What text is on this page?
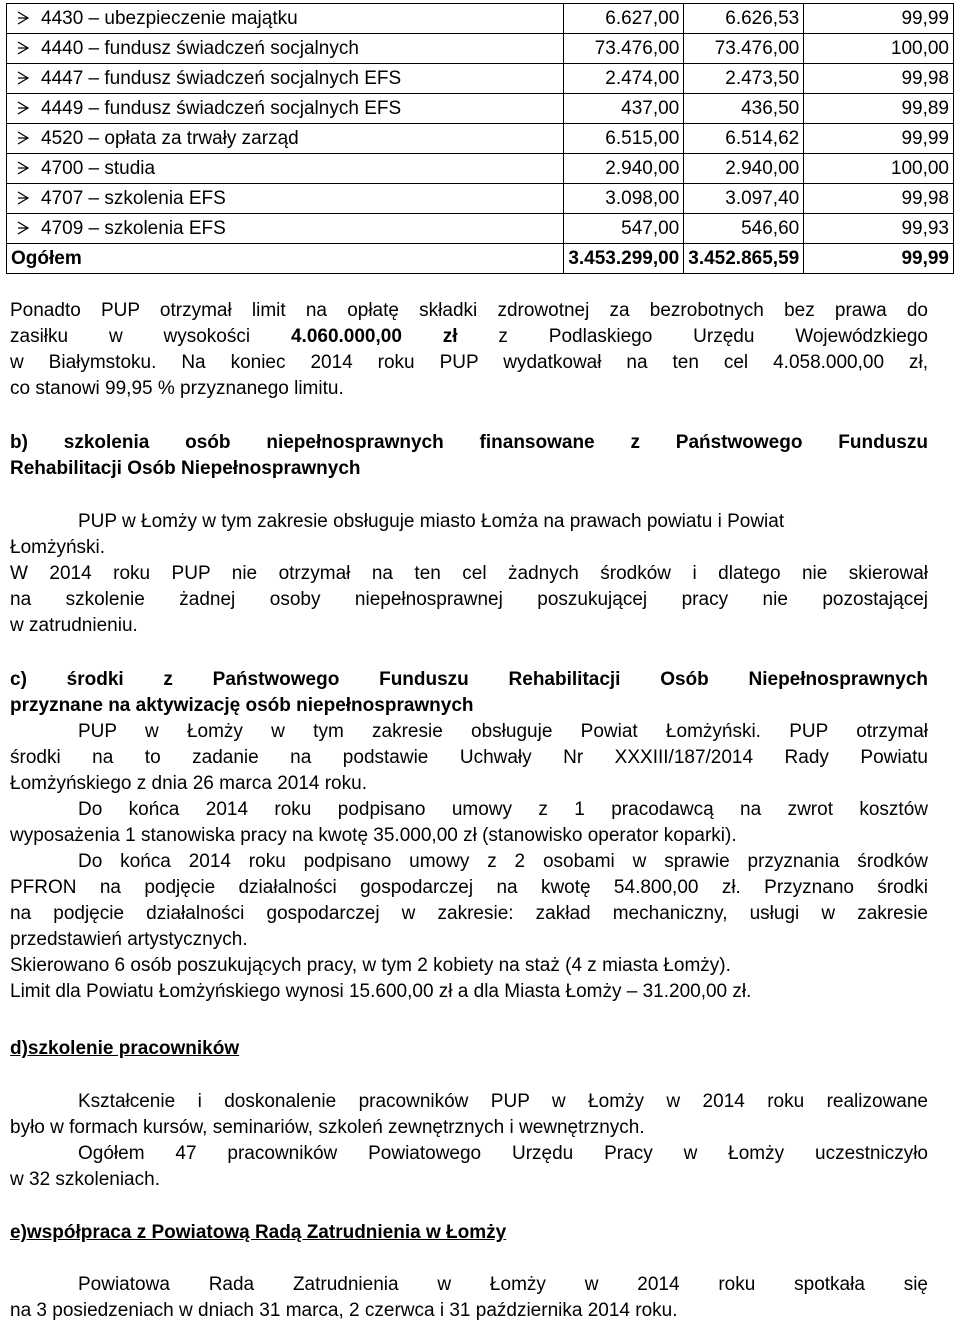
4430 – ubezpieczenie majątku	6.627,00	6.626,53	99,99
4440 – fundusz świadczeń socjalnych	73.476,00	73.476,00	100,00
4447 – fundusz świadczeń socjalnych EFS	2.474,00	2.473,50	99,98
4449 – fundusz świadczeń socjalnych EFS	437,00	436,50	99,89
4520 – opłata za trwały zarząd	6.515,00	6.514,62	99,99
4700 – studia	2.940,00	2.940,00	100,00
4707 – szkolenia EFS	3.098,00	3.097,40	99,98
4709 – szkolenia EFS	547,00	546,60	99,93
Ogółem	3.453.299,00	3.452.865,59	99,99

Ponadto PUP otrzymał limit na opłatę składki zdrowotnej za bezrobotnych bez prawa do

zasiłku w wysokości 4.060.000,00 zł z Podlaskiego Urzędu Wojewódzkiego

w Białymstoku. Na koniec 2014 roku PUP wydatkował na ten cel 4.058.000,00 zł,

co stanowi 99,95 % przyznanego limitu.

b) szkolenia osób niepełnosprawnych finansowane z Państwowego Funduszu

Rehabilitacji Osób Niepełnosprawnych

PUP w Łomży w tym zakresie obsługuje miasto Łomża na prawach powiatu i Powiat

Łomżyński.

W 2014 roku PUP nie otrzymał na ten cel żadnych środków i dlatego nie skierował

na szkolenie żadnej osoby niepełnosprawnej poszukującej pracy nie pozostającej

w zatrudnieniu.

c) środki z Państwowego Funduszu Rehabilitacji Osób Niepełnosprawnych

przyznane na aktywizację osób niepełnosprawnych

PUP w Łomży w tym zakresie obsługuje Powiat Łomżyński. PUP otrzymał

środki na to zadanie na podstawie Uchwały Nr XXXIII/187/2014 Rady Powiatu

Łomżyńskiego z dnia 26 marca 2014 roku.

Do końca 2014 roku podpisano umowy z 1 pracodawcą na zwrot kosztów

wyposażenia 1 stanowiska pracy na kwotę 35.000,00 zł (stanowisko operator koparki).

Do końca 2014 roku podpisano umowy z 2 osobami w sprawie przyznania środków

PFRON na podjęcie działalności gospodarczej na kwotę 54.800,00 zł. Przyznano środki

na podjęcie działalności gospodarczej w zakresie: zakład mechaniczny, usługi w zakresie

przedstawień artystycznych.

Skierowano 6 osób poszukujących pracy, w tym 2 kobiety na staż (4 z miasta Łomży).

Limit dla Powiatu Łomżyńskiego wynosi 15.600,00 zł a dla Miasta Łomży – 31.200,00 zł.

d)szkolenie pracowników

Kształcenie i doskonalenie pracowników PUP w Łomży w 2014 roku realizowane

było w formach kursów, seminariów, szkoleń zewnętrznych i wewnętrznych.

Ogółem 47 pracowników Powiatowego Urzędu Pracy w Łomży uczestniczyło

w 32 szkoleniach.

e)współpraca z Powiatową Radą Zatrudnienia w Łomży

Powiatowa Rada Zatrudnienia w Łomży w 2014 roku spotkała się

na 3 posiedzeniach w dniach 31 marca, 2 czerwca i 31 października 2014 roku.
